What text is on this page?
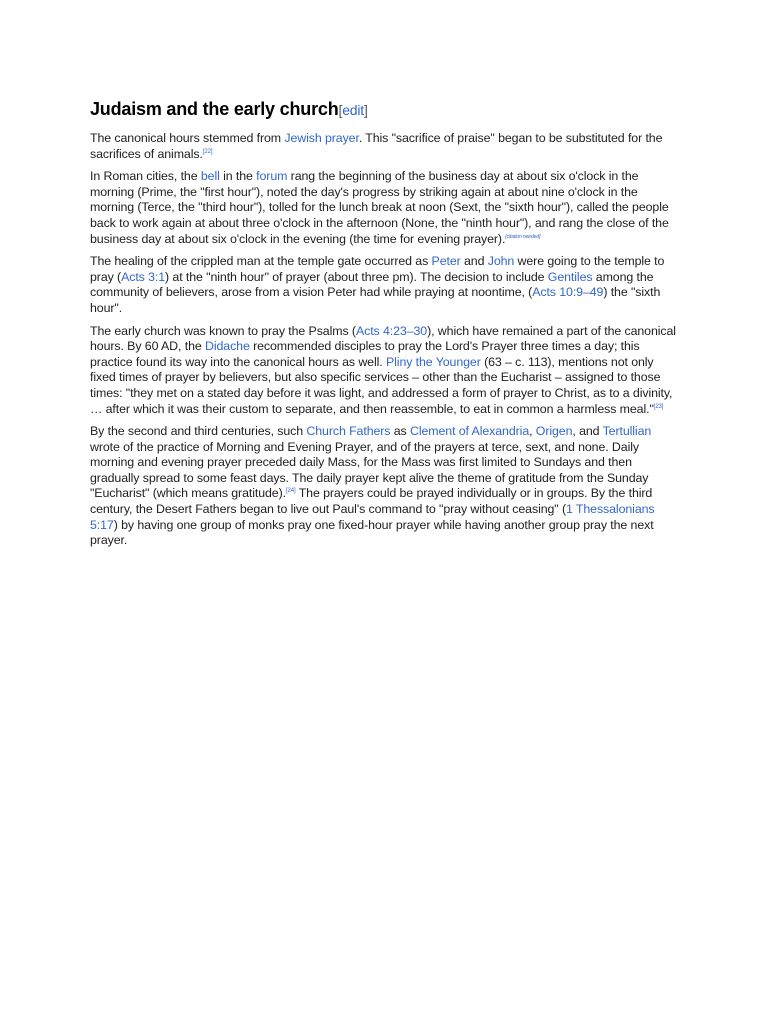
Judaism and the early church[edit]

The canonical hours stemmed from Jewish prayer. This "sacrifice of praise" began to be substituted for the sacrifices of animals.[22]

In Roman cities, the bell in the forum rang the beginning of the business day at about six o'clock in the morning (Prime, the "first hour"), noted the day's progress by striking again at about nine o'clock in the morning (Terce, the "third hour"), tolled for the lunch break at noon (Sext, the "sixth hour"), called the people back to work again at about three o'clock in the afternoon (None, the "ninth hour"), and rang the close of the business day at about six o'clock in the evening (the time for evening prayer).[citation needed]

The healing of the crippled man at the temple gate occurred as Peter and John were going to the temple to pray (Acts 3:1) at the "ninth hour" of prayer (about three pm). The decision to include Gentiles among the community of believers, arose from a vision Peter had while praying at noontime, (Acts 10:9–49) the "sixth hour".

The early church was known to pray the Psalms (Acts 4:23–30), which have remained a part of the canonical hours. By 60 AD, the Didache recommended disciples to pray the Lord's Prayer three times a day; this practice found its way into the canonical hours as well. Pliny the Younger (63 – c. 113), mentions not only fixed times of prayer by believers, but also specific services – other than the Eucharist – assigned to those times: "they met on a stated day before it was light, and addressed a form of prayer to Christ, as to a divinity, … after which it was their custom to separate, and then reassemble, to eat in common a harmless meal."[23]

By the second and third centuries, such Church Fathers as Clement of Alexandria, Origen, and Tertullian wrote of the practice of Morning and Evening Prayer, and of the prayers at terce, sext, and none. Daily morning and evening prayer preceded daily Mass, for the Mass was first limited to Sundays and then gradually spread to some feast days. The daily prayer kept alive the theme of gratitude from the Sunday "Eucharist" (which means gratitude).[24] The prayers could be prayed individually or in groups. By the third century, the Desert Fathers began to live out Paul's command to "pray without ceasing" (1 Thessalonians 5:17) by having one group of monks pray one fixed-hour prayer while having another group pray the next prayer.
